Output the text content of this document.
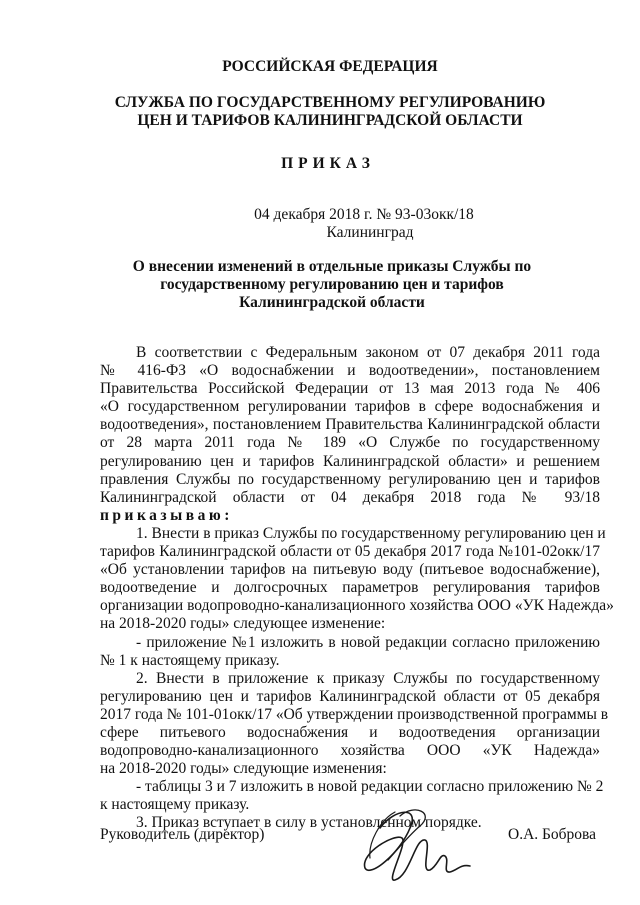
РОССИЙСКАЯ ФЕДЕРАЦИЯ
СЛУЖБА ПО ГОСУДАРСТВЕННОМУ РЕГУЛИРОВАНИЮ
ЦЕН И ТАРИФОВ КАЛИНИНГРАДСКОЙ ОБЛАСТИ
ПРИКАЗ
04 декабря 2018 г. № 93-03окк/18
Калининград
О внесении изменений в отдельные приказы Службы по
государственному регулированию цен и тарифов
Калининградской области
В соответствии с Федеральным законом от 07 декабря 2011 года
№ 416-ФЗ «О водоснабжении и водоотведении», постановлением
Правительства Российской Федерации от 13 мая 2013 года № 406
«О государственном регулировании тарифов в сфере водоснабжения и
водоотведения», постановлением Правительства Калининградской области
от 28 марта 2011 года № 189 «О Службе по государственному
регулированию цен и тарифов Калининградской области» и решением
правления Службы по государственному регулированию цен и тарифов
Калининградской области от 04 декабря 2018 года № 93/18
приказываю:
1. Внести в приказ Службы по государственному регулированию цен и
тарифов Калининградской области от 05 декабря 2017 года №101-02окк/17
«Об установлении тарифов на питьевую воду (питьевое водоснабжение),
водоотведение и долгосрочных параметров регулирования тарифов
организации водопроводно-канализационного хозяйства ООО «УК Надежда»
на 2018-2020 годы» следующее изменение:
- приложение №1 изложить в новой редакции согласно приложению
№ 1 к настоящему приказу.
2. Внести в приложение к приказу Службы по государственному
регулированию цен и тарифов Калининградской области от 05 декабря
2017 года № 101-01окк/17 «Об утверждении производственной программы в
сфере питьевого водоснабжения и водоотведения организации
водопроводно-канализационного хозяйства ООО «УК Надежда»
на 2018-2020 годы» следующие изменения:
- таблицы 3 и 7 изложить в новой редакции согласно приложению № 2
к настоящему приказу.
3. Приказ вступает в силу в установленном порядке.
Руководитель (директор)	О.А. Боброва
